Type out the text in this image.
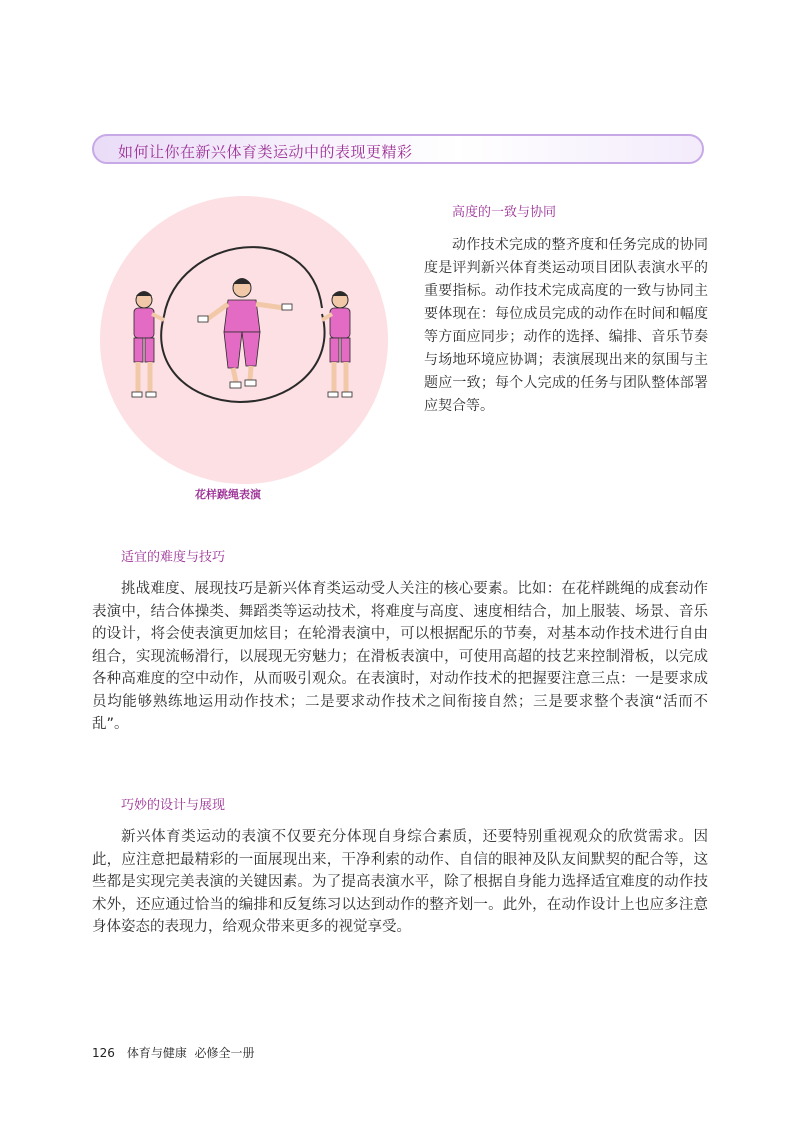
如何让你在新兴体育类运动中的表现更精彩
花样跳绳表演
高度的一致与协同

动作技术完成的整齐度和任务完成的协同度是评判新兴体育类运动项目团队表演水平的重要指标。动作技术完成高度的一致与协同主要体现在：每位成员完成的动作在时间和幅度等方面应同步；动作的选择、编排、音乐节奏与场地环境应协调；表演展现出来的氛围与主题应一致；每个人完成的任务与团队整体部署应契合等。

适宜的难度与技巧

挑战难度、展现技巧是新兴体育类运动受人关注的核心要素。比如：在花样跳绳的成套动作表演中，结合体操类、舞蹈类等运动技术，将难度与高度、速度相结合，加上服装、场景、音乐的设计，将会使表演更加炫目；在轮滑表演中，可以根据配乐的节奏，对基本动作技术进行自由组合，实现流畅滑行，以展现无穷魅力；在滑板表演中，可使用高超的技艺来控制滑板，以完成各种高难度的空中动作，从而吸引观众。在表演时，对动作技术的把握要注意三点：一是要求成员均能够熟练地运用动作技术；二是要求动作技术之间衔接自然；三是要求整个表演“活而不乱”。

巧妙的设计与展现

新兴体育类运动的表演不仅要充分体现自身综合素质，还要特别重视观众的欣赏需求。因此，应注意把最精彩的一面展现出来，干净利索的动作、自信的眼神及队友间默契的配合等，这些都是实现完美表演的关键因素。为了提高表演水平，除了根据自身能力选择适宜难度的动作技术外，还应通过恰当的编排和反复练习以达到动作的整齐划一。此外，在动作设计上也应多注意身体姿态的表现力，给观众带来更多的视觉享受。

126 体育与健康  必修全一册
